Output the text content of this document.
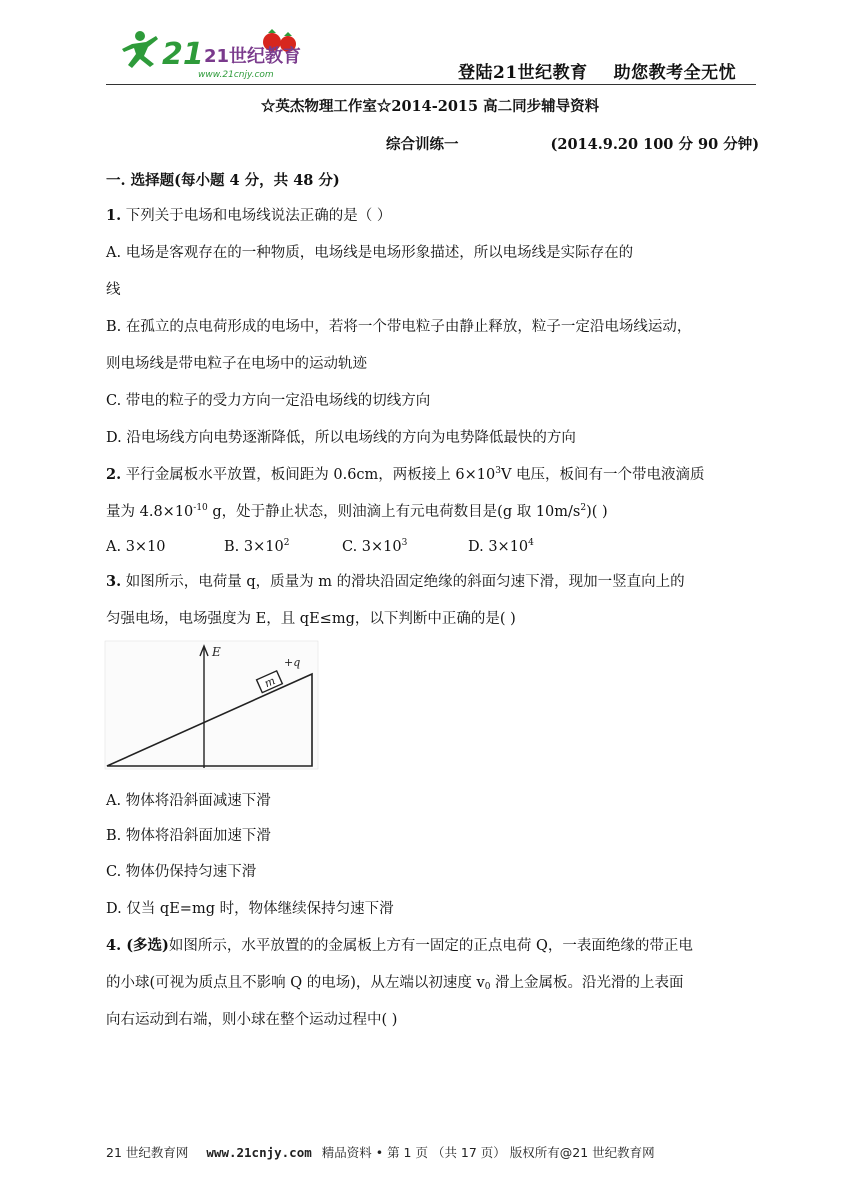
21 21世纪教育
www.21cnjy.com	登陆21世纪教育 助您教考全无忧
☆英杰物理工作室☆2014-2015 高二同步辅导资料
综合训练一	(2014.9.20 100 分 90 分钟)
一. 选择题(每小题 4 分，共 48 分)
1. 下列关于电场和电场线说法正确的是（ ）
A. 电场是客观存在的一种物质，电场线是电场形象描述，所以电场线是实际存在的
线
B. 在孤立的点电荷形成的电场中，若将一个带电粒子由静止释放，粒子一定沿电场线运动，
则电场线是带电粒子在电场中的运动轨迹
C. 带电的粒子的受力方向一定沿电场线的切线方向
D. 沿电场线方向电势逐渐降低，所以电场线的方向为电势降低最快的方向
2. 平行金属板水平放置，板间距为 0.6cm，两板接上 $6\times 10^3V$ 电压，板间有一个带电液滴质
量为 $4.8\times 10^{-10}$ g，处于静止状态，则油滴上有元电荷数目是(g 取 $10m/s^2$)( )
A. 3×10	B. $3\times 10^2$	C. $3\times 10^3$	D. $3\times 10^4$
3. 如图所示，电荷量 q，质量为 m 的滑块沿固定绝缘的斜面匀速下滑，现加一竖直向上的
匀强电场，电场强度为 E，且 qE≤mg，以下判断中正确的是( )
E
m
+q
A. 物体将沿斜面减速下滑
B. 物体将沿斜面加速下滑
C. 物体仍保持匀速下滑
D. 仅当 qE=mg 时，物体继续保持匀速下滑
4. (多选)如图所示，水平放置的的金属板上方有一固定的正点电荷 Q，一表面绝缘的带正电
的小球(可视为质点且不影响 Q 的电场)，从左端以初速度 $v_0$ 滑上金属板。沿光滑的上表面
向右运动到右端，则小球在整个运动过程中( )
21 世纪教育网 www.21cnjy.com 精品资料 • 第 1 页 （共 17 页） 版权所有@21 世纪教育网
